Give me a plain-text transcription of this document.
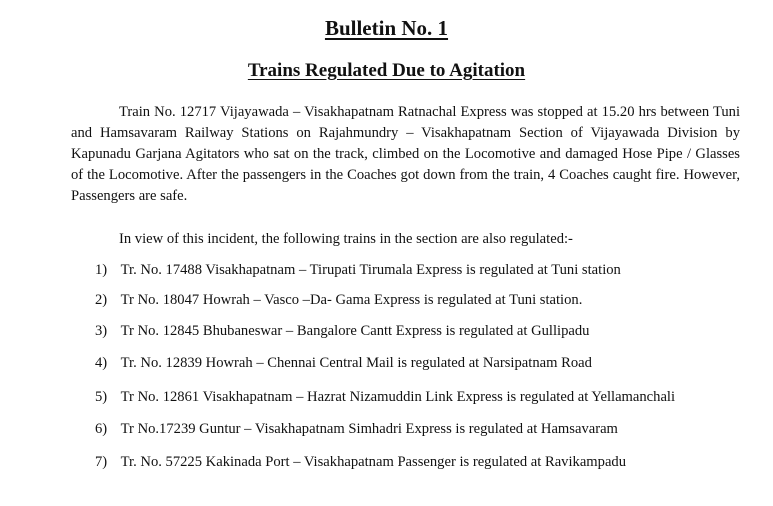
Bulletin No. 1
Trains Regulated Due to Agitation

Train No. 12717 Vijayawada – Visakhapatnam Ratnachal Express was stopped at 15.20 hrs between Tuni and Hamsavaram Railway Stations on Rajahmundry – Visakhapatnam Section of Vijayawada Division by Kapunadu Garjana Agitators who sat on the track, climbed on the Locomotive and damaged Hose Pipe / Glasses of the Locomotive. After the passengers in the Coaches got down from the train, 4 Coaches caught fire. However, Passengers are safe.

In view of this incident, the following trains in the section are also regulated:-

1) Tr. No. 17488 Visakhapatnam – Tirupati Tirumala Express is regulated at Tuni station
2) Tr No. 18047 Howrah – Vasco –Da- Gama Express is regulated at Tuni station.
3) Tr No. 12845 Bhubaneswar – Bangalore Cantt Express is regulated at Gullipadu
4) Tr. No. 12839 Howrah – Chennai Central Mail is regulated at Narsipatnam Road
5) Tr No. 12861 Visakhapatnam – Hazrat Nizamuddin Link Express is regulated at Yellamanchali
6) Tr No.17239 Guntur – Visakhapatnam Simhadri Express is regulated at Hamsavaram
7) Tr. No. 57225 Kakinada Port – Visakhapatnam Passenger is regulated at Ravikampadu
